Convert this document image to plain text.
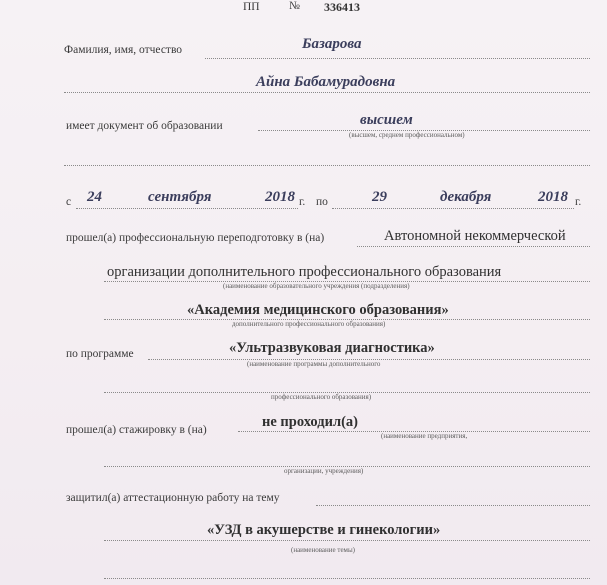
ПП	№ 336413
Фамилия, имя, отчество	Базарова
Айна Бабамурадовна
имеет документ об образовании	высшем
(высшем, среднем профессиональном)
с 24	сентября	2018 г. по	29	декабря	2018 г.
прошел(а) профессиональную переподготовку в (на)	Автономной некоммерческой
организации дополнительного профессионального образования
(наименование образовательного учреждения (подразделения)
«Академия медицинского образования»
дополнительного профессионального образования)
по программе	«Ультразвуковая диагностика»
(наименование программы дополнительного
профессионального образования)
прошел(а) стажировку в (на)	не проходил(а)
(наименование предприятия,
организации, учреждения)
защитил(а) аттестационную работу на тему
«УЗД в акушерстве и гинекологии»
(наименование темы)
